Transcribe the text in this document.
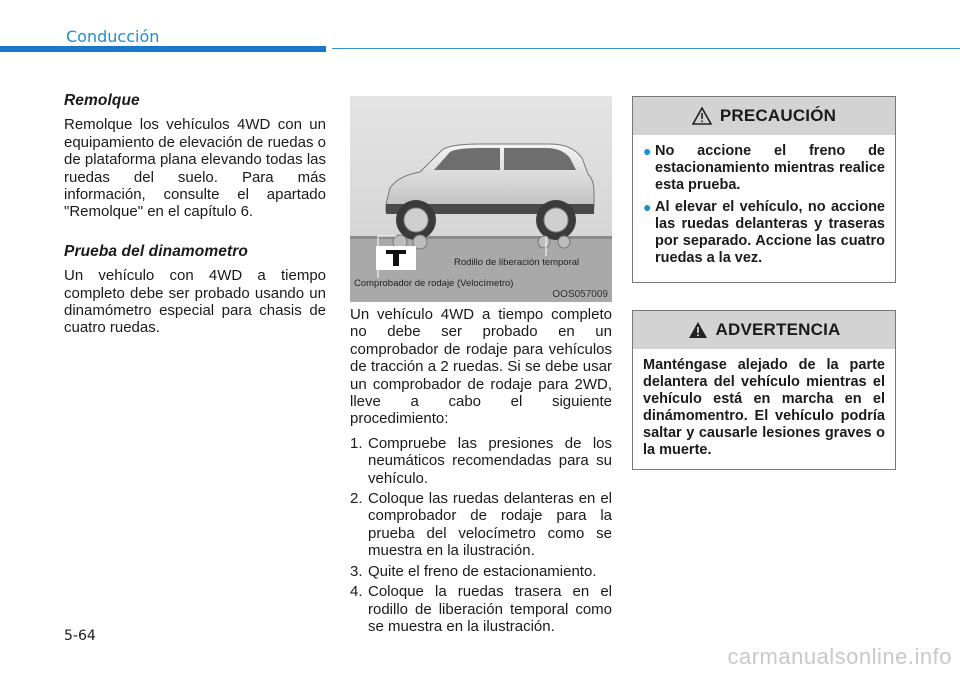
Conducción
Remolque

Remolque los vehículos 4WD con un equipamiento de elevación de ruedas o de plataforma plana elevando todas las ruedas del suelo. Para más información, consulte el apartado "Remolque" en el capítulo 6.

Prueba del dinamometro

Un vehículo con 4WD a tiempo completo debe ser probado usando un dinamómetro especial para chasis de cuatro ruedas.

Rodillo de liberación temporal
Comprobador de rodaje (Velocímetro)
OOS057009

Un vehículo 4WD a tiempo completo no debe ser probado en un comprobador de rodaje para vehículos de tracción a 2 ruedas. Si se debe usar un comprobador de rodaje para 2WD, lleve a cabo el siguiente procedimiento:

1. Compruebe las presiones de los neumáticos recomendadas para su vehículo.
2. Coloque las ruedas delanteras en el comprobador de rodaje para la prueba del velocímetro como se muestra en la ilustración.
3. Quite el freno de estacionamiento.
4. Coloque la ruedas trasera en el rodillo de liberación temporal como se muestra en la ilustración.
PRECAUCIÓN
● No accione el freno de estacionamiento mientras realice esta prueba.
● Al elevar el vehículo, no accione las ruedas delanteras y traseras por separado. Accione las cuatro ruedas a la vez.
ADVERTENCIA

Manténgase alejado de la parte delantera del vehículo mientras el vehículo está en marcha en el dinámomentro. El vehículo podría saltar y causarle lesiones graves o la muerte.

5-64
carmanualsonline.info
